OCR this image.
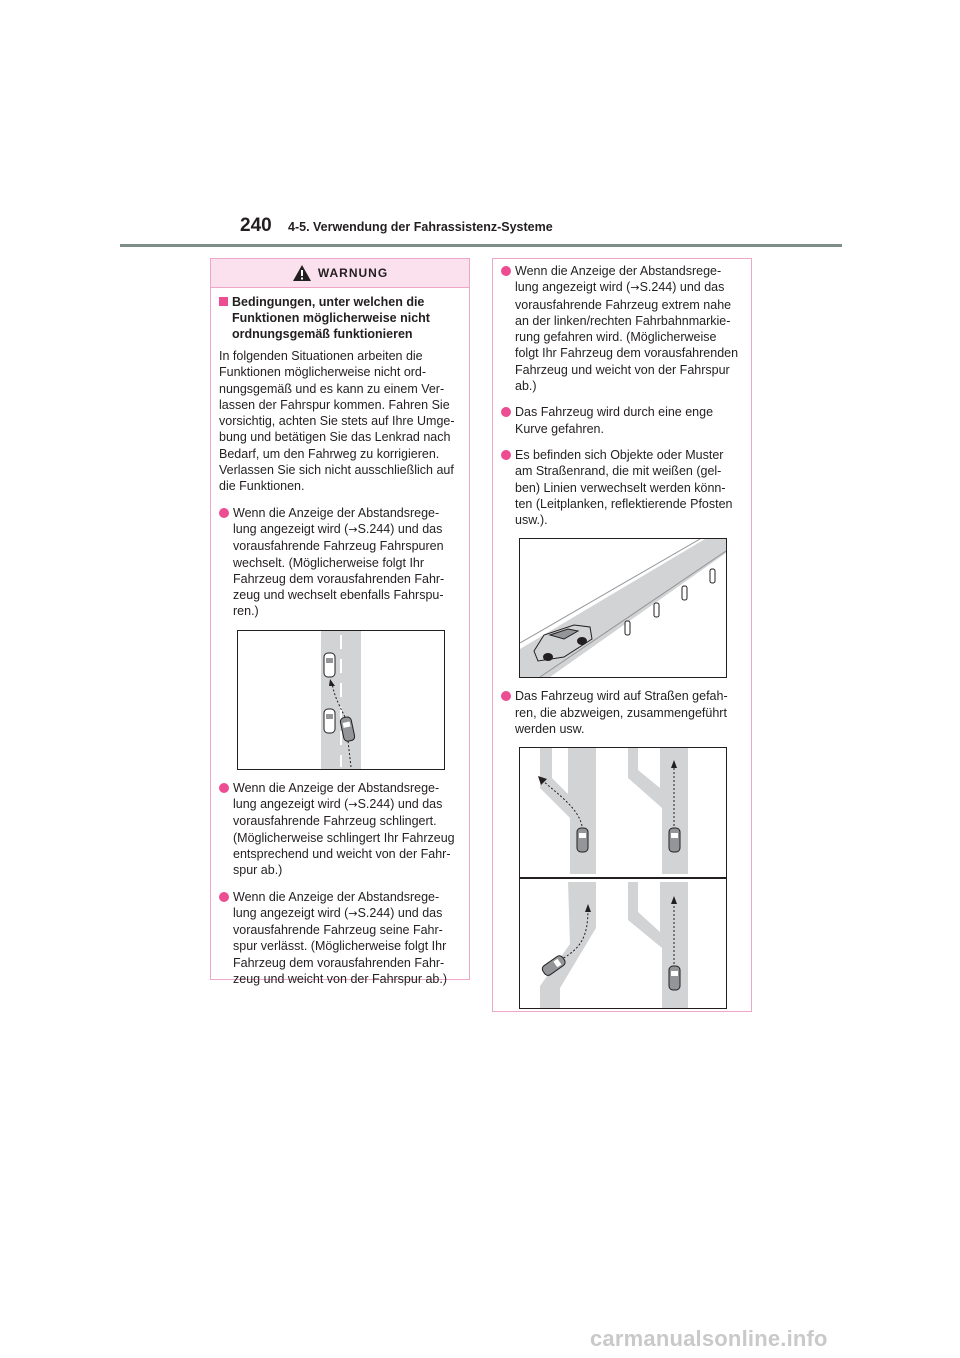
240 4-5. Verwendung der Fahrassistenz-Systeme
WARNUNG
Bedingungen, unter welchen die Funktionen möglicherweise nicht ordnungsgemäß funktionieren

In folgenden Situationen arbeiten die Funktionen möglicherweise nicht ord-nungsgemäß und es kann zu einem Ver-lassen der Fahrspur kommen. Fahren Sie vorsichtig, achten Sie stets auf Ihre Umge-bung und betätigen Sie das Lenkrad nach Bedarf, um den Fahrweg zu korrigieren. Verlassen Sie sich nicht ausschließlich auf die Funktionen.

Wenn die Anzeige der Abstandsrege-lung angezeigt wird (→S.244) und das vorausfahrende Fahrzeug Fahrspuren wechselt. (Möglicherweise folgt Ihr Fahrzeug dem vorausfahrenden Fahr-zeug und wechselt ebenfalls Fahrspu-ren.)
Wenn die Anzeige der Abstandsrege-lung angezeigt wird (→S.244) und das vorausfahrende Fahrzeug schlingert. (Möglicherweise schlingert Ihr Fahrzeug entsprechend und weicht von der Fahr-spur ab.)
Wenn die Anzeige der Abstandsrege-lung angezeigt wird (→S.244) und das vorausfahrende Fahrzeug seine Fahr-spur verlässt. (Möglicherweise folgt Ihr Fahrzeug dem vorausfahrenden Fahr-zeug und weicht von der Fahrspur ab.)
Wenn die Anzeige der Abstandsrege-lung angezeigt wird (→S.244) und das vorausfahrende Fahrzeug extrem nahe an der linken/rechten Fahrbahnmarkie-rung gefahren wird. (Möglicherweise folgt Ihr Fahrzeug dem vorausfahrenden Fahrzeug und weicht von der Fahrspur ab.)
Das Fahrzeug wird durch eine enge Kurve gefahren.
Es befinden sich Objekte oder Muster am Straßenrand, die mit weißen (gel-ben) Linien verwechselt werden könn-ten (Leitplanken, reflektierende Pfosten usw.).
Das Fahrzeug wird auf Straßen gefah-ren, die abzweigen, zusammengeführt werden usw.
carmanualsonline.info
